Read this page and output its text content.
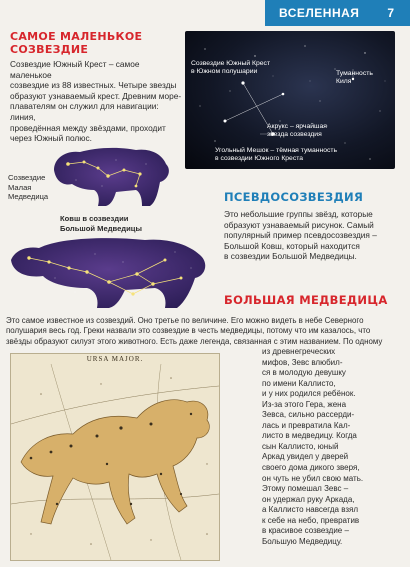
ВСЕЛЕННАЯ 7
САМОЕ МАЛЕНЬКОЕ
СОЗВЕЗДИЕ
Созвездие Южный Крест – самое маленькое
созвездие из 88 известных. Четыре звезды
образуют узнаваемый крест. Древним море-
плавателям он служил для навигации: линия,
проведённая между звёздами, проходит
через Южный полюс.
Созвездие Южный Крест
в Южном полушарии	Туманность
Киля
Акрукс – ярчайшая
звезда созвездия
Угольный Мешок – тёмная туманность
в созвездии Южного Креста
Созвездие
Малая
Медведица
Ковш в созвездии
Большой Медведицы
ПСЕВДОСОЗВЕЗДИЯ
Это небольшие группы звёзд, которые
образуют узнаваемый рисунок. Самый
популярный пример псевдосозвездия –
Большой Ковш, который находится
в созвездии Большой Медведицы.
БОЛЬШАЯ МЕДВЕДИЦА
Это самое известное из созвездий. Оно третье по величине. Его можно видеть в небе Северного
полушария весь год. Греки назвали это созвездие в честь медведицы, потому что им казалось, что
звёзды образуют силуэт этого животного. Есть даже легенда, связанная с этим названием. По одному
из древнегреческих
мифов, Зевс влюбил-
ся в молодую девушку
по имени Каллисто,
и у них родился ребёнок.
Из-за этого Гера, жена
Зевса, сильно рассерди-
лась и превратила Кал-
листо в медведицу. Когда
сын Каллисто, юный
Аркад увидел у дверей
своего дома дикого зверя,
он чуть не убил свою мать.
Этому помешал Зевс –
он удержал руку Аркада,
а Каллисто навсегда взял
к себе на небо, превратив
в красивое созвездие –
Большую Медведицу.
URSA MAJOR.
